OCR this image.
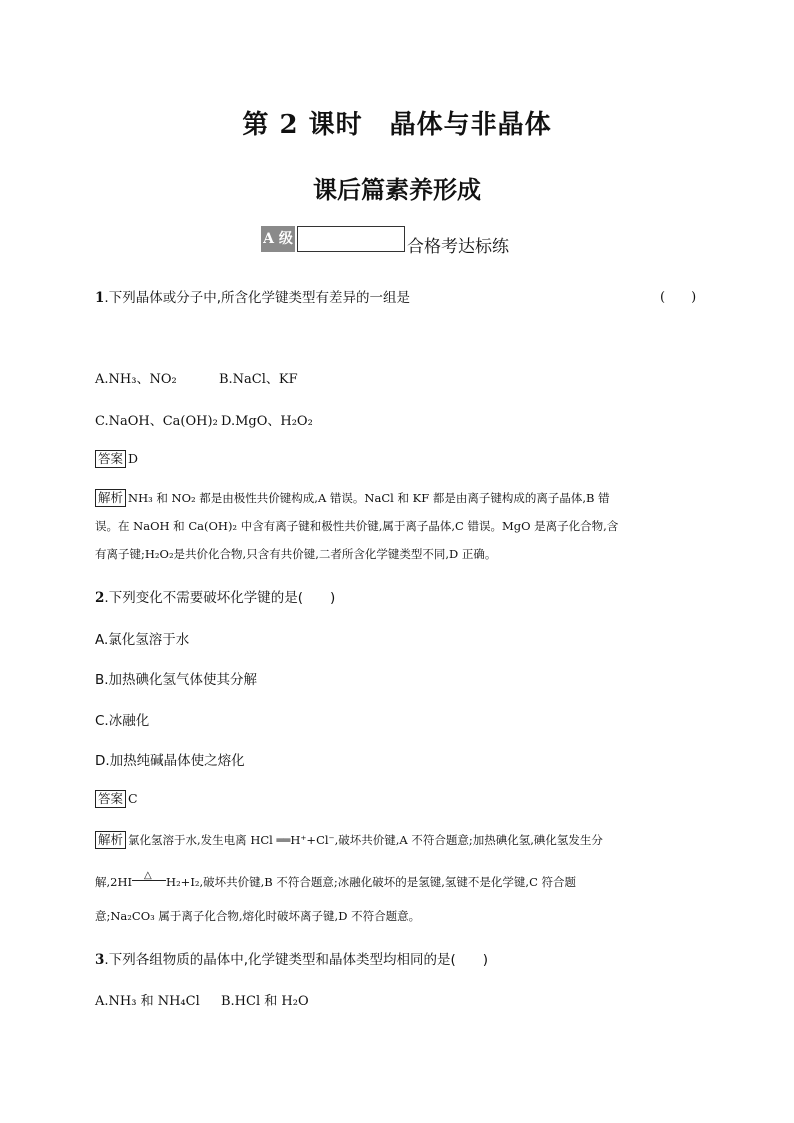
第 2 课时　晶体与非晶体
课后篇素养形成
A 级	合格考达标练
1.下列晶体或分子中,所含化学键类型有差异的一组是	(　　)
A.NH₃、NO₂	B.NaCl、KF
C.NaOH、Ca(OH)₂ D.MgO、H₂O₂
答案 D
解析 NH₃ 和 NO₂ 都是由极性共价键构成,A 错误。NaCl 和 KF 都是由离子键构成的离子晶体,B 错
误。在 NaOH 和 Ca(OH)₂ 中含有离子键和极性共价键,属于离子晶体,C 错误。MgO 是离子化合物,含
有离子键;H₂O₂是共价化合物,只含有共价键,二者所含化学键类型不同,D 正确。
2.下列变化不需要破坏化学键的是(　　)
A.氯化氢溶于水
B.加热碘化氢气体使其分解
C.冰融化
D.加热纯碱晶体使之熔化
答案 C
解析 氯化氢溶于水,发生电离 HCl ══H⁺+Cl⁻,破坏共价键,A 不符合题意;加热碘化氢,碘化氢发生分
解,2HI △ H₂+I₂,破坏共价键,B 不符合题意;冰融化破坏的是氢键,氢键不是化学键,C 符合题
意;Na₂CO₃ 属于离子化合物,熔化时破坏离子键,D 不符合题意。
3.下列各组物质的晶体中,化学键类型和晶体类型均相同的是(　　)
A.NH₃ 和 NH₄Cl B.HCl 和 H₂O
